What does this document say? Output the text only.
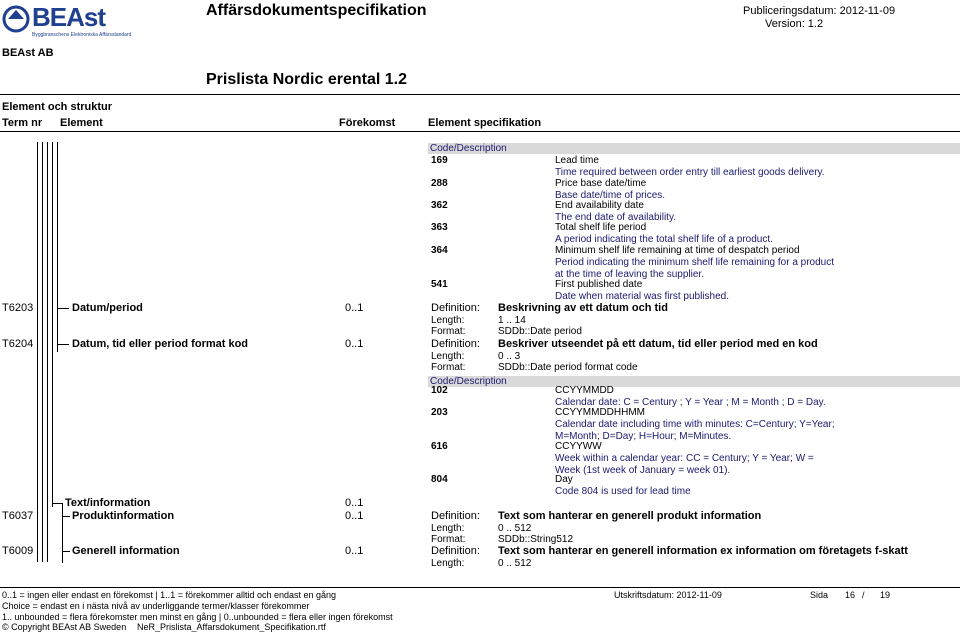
BEAst
Byggbranschens Elektroniska Affärsstandard
Affärsdokumentspecifikation	Publiceringsdatum: 2012-11-09
Version: 1.2
BEAst AB
Prislista Nordic erental 1.2
Element och struktur
Term nr Element	Förekomst	Element specifikation
Code/Description
169	Lead time
Time required between order entry till earliest goods delivery.
288	Price base date/time
Base date/time of prices.
362	End availability date
The end date of availability.
363	Total shelf life period
A period indicating the total shelf life of a product.
364	Minimum shelf life remaining at time of despatch period
Period indicating the minimum shelf life remaining for a product
at the time of leaving the supplier.
541	First published date
Date when material was first published.
T6203	Datum/period	0..1	Definition: Beskrivning av ett datum och tid
Length:	1 .. 14
Format:	SDDb::Date period
T6204	Datum, tid eller period format kod	0..1	Definition: Beskriver utseendet på ett datum, tid eller period med en kod
Length:	0 .. 3
Format:	SDDb::Date period format code
Code/Description
102	CCYYMMDD
Calendar date: C = Century ; Y = Year ; M = Month ; D = Day.
203	CCYYMMDDHHMM
Calendar date including time with minutes: C=Century; Y=Year;
M=Month; D=Day; H=Hour; M=Minutes.
616	CCYYWW
Week within a calendar year: CC = Century; Y = Year; W =
Week (1st week of January = week 01).
804	Day
Code 804 is used for lead time
Text/information	0..1
T6037	Produktinformation	0..1	Definition: Text som hanterar en generell produkt information
Length:	0 .. 512
Format:	SDDb::String512
T6009	Generell information	0..1	Definition: Text som hanterar en generell information ex information om företagets f-skatt
Length:	0 .. 512
0..1 = ingen eller endast en förekomst | 1..1 = förekommer alltid och endast en gång
Choice = endast en i nästa nivå av underliggande termer/klasser förekommer
1.. unbounded = flera förekomster men minst en gång | 0..unbounded = flera eller ingen förekomst
© Copyright BEAst AB Sweden NeR_Prislista_Affarsdokument_Specifikation.rtf
Utskriftsdatum: 2012-11-09	Sida 16 / 19
